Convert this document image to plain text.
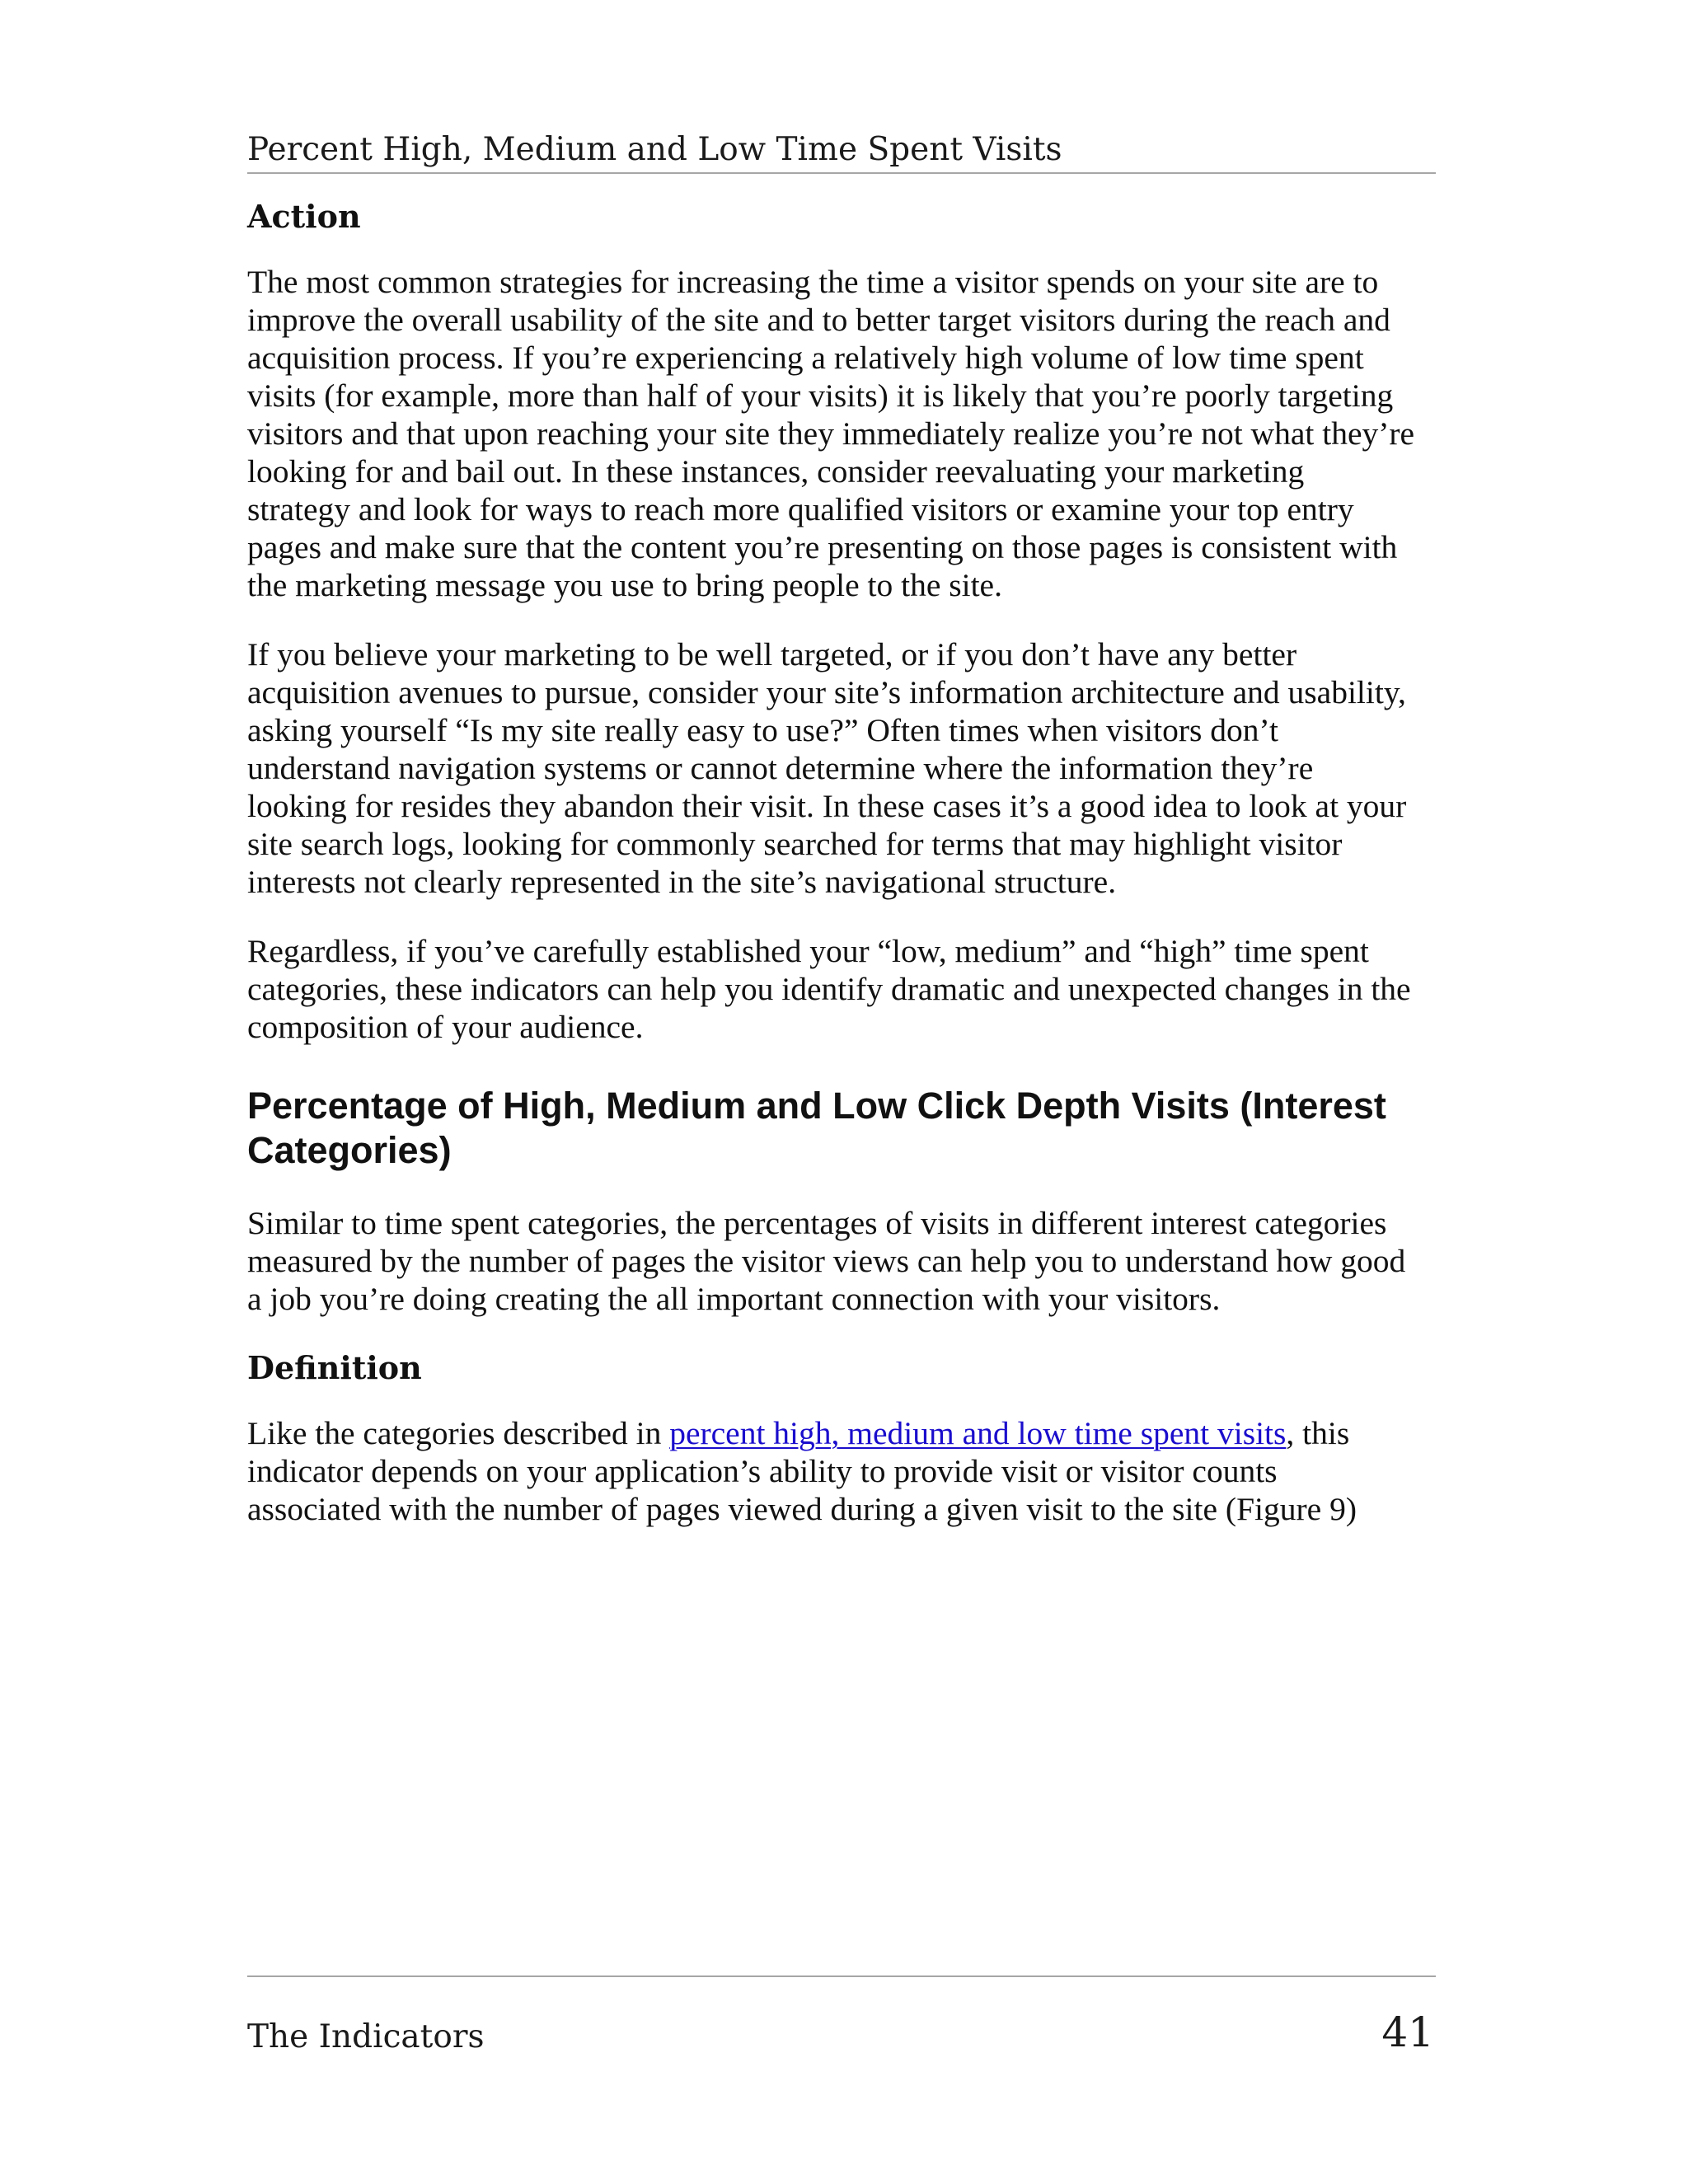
Percent High, Medium and Low Time Spent Visits
Action

The most common strategies for increasing the time a visitor spends on your site are to
improve the overall usability of the site and to better target visitors during the reach and
acquisition process. If you’re experiencing a relatively high volume of low time spent
visits (for example, more than half of your visits) it is likely that you’re poorly targeting
visitors and that upon reaching your site they immediately realize you’re not what they’re
looking for and bail out. In these instances, consider reevaluating your marketing
strategy and look for ways to reach more qualified visitors or examine your top entry
pages and make sure that the content you’re presenting on those pages is consistent with
the marketing message you use to bring people to the site.

If you believe your marketing to be well targeted, or if you don’t have any better
acquisition avenues to pursue, consider your site’s information architecture and usability,
asking yourself “Is my site really easy to use?” Often times when visitors don’t
understand navigation systems or cannot determine where the information they’re
looking for resides they abandon their visit. In these cases it’s a good idea to look at your
site search logs, looking for commonly searched for terms that may highlight visitor
interests not clearly represented in the site’s navigational structure.

Regardless, if you’ve carefully established your “low, medium” and “high” time spent
categories, these indicators can help you identify dramatic and unexpected changes in the
composition of your audience.

Percentage of High, Medium and Low Click Depth Visits (Interest
Categories)

Similar to time spent categories, the percentages of visits in different interest categories
measured by the number of pages the visitor views can help you to understand how good
a job you’re doing creating the all important connection with your visitors.

Definition

Like the categories described in percent high, medium and low time spent visits, this
indicator depends on your application’s ability to provide visit or visitor counts
associated with the number of pages viewed during a given visit to the site (Figure 9)

The Indicators	41
